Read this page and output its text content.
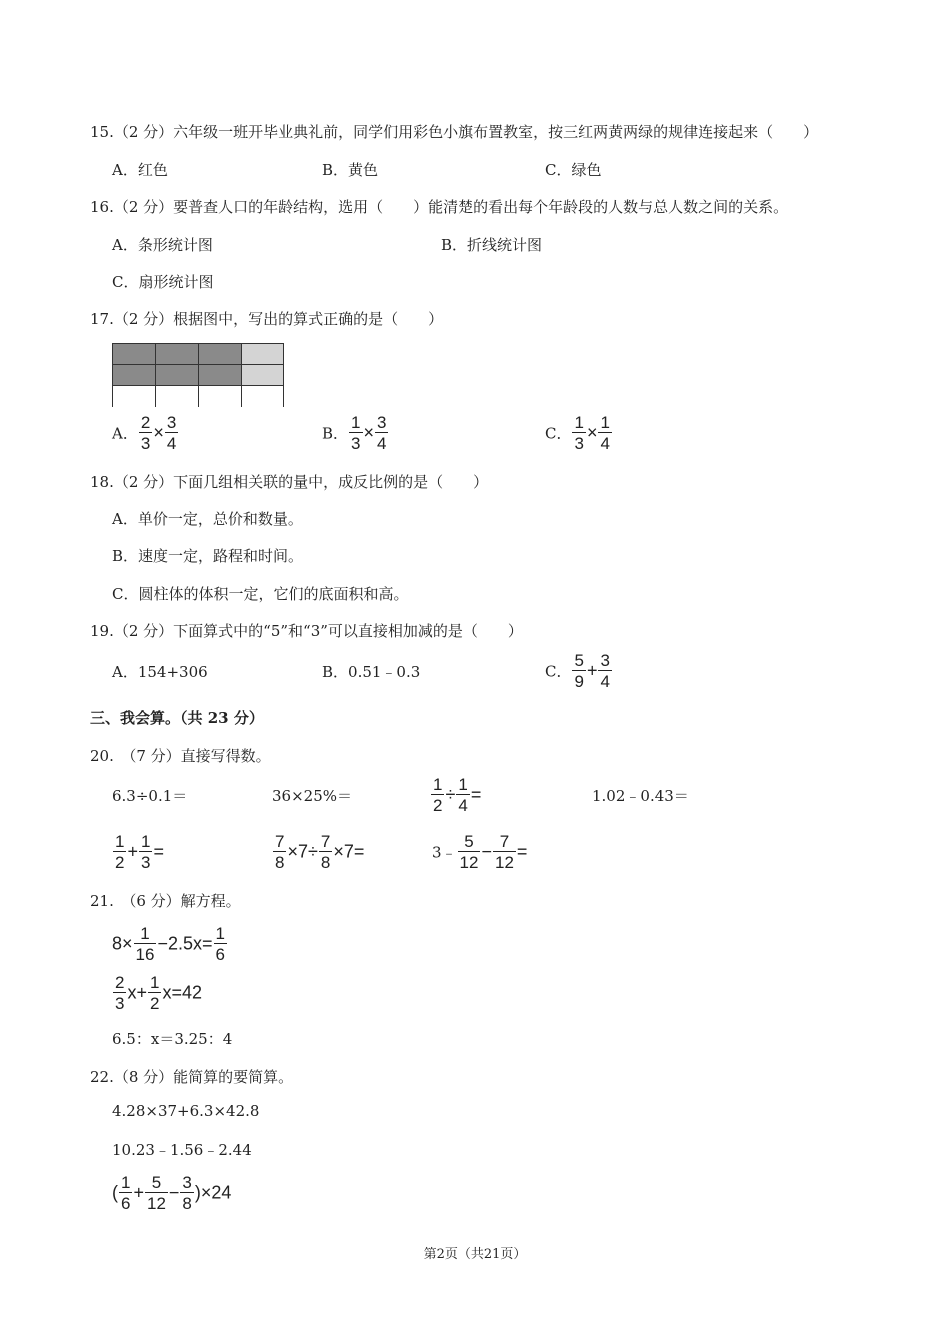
15.（2 分）六年级一班开毕业典礼前，同学们用彩色小旗布置教室，按三红两黄两绿的规律连接起来（　　）
A．红色	B．黄色	C．绿色
16.（2 分）要普查人口的年龄结构，选用（　　）能清楚的看出每个年龄段的人数与总人数之间的关系。
A．条形统计图	B．折线统计图
C．扇形统计图
17.（2 分）根据图中，写出的算式正确的是（　　）
A． $\frac{2}{3} \times \frac{3}{4}$	B． $\frac{1}{3} \times \frac{3}{4}$	C． $\frac{1}{3} \times \frac{1}{4}$
18.（2 分）下面几组相关联的量中，成反比例的是（　　）
A．单价一定，总价和数量。
B．速度一定，路程和时间。
C．圆柱体的体积一定，它们的底面积和高。
19.（2 分）下面算式中的“5”和“3”可以直接相加减的是（　　）
A．154+306	B．0.51﹣0.3	C． $\frac{5}{9} + \frac{3}{4}$
三、我会算。（共 23 分）
20.　（7 分）直接写得数。
6.3÷0.1＝	36×25%＝	$\frac{1}{2} \div \frac{1}{4}$ =	1.02﹣0.43＝
$\frac{1}{2} + \frac{1}{3}$ =	$\frac{7}{8} \times 7\div \frac{7}{8} \times 7=$	3﹣ $\frac{5}{12} - \frac{7}{12}$ =
21.　（6 分）解方程。
$8\times \frac{1}{16} -2.5x= \frac{1}{6}$
$\frac{2}{3} x+ \frac{1}{2} x=42$
6.5：x＝3.25：4
22.（8 分）能简算的要简算。
4.28×37+6.3×42.8
10.23﹣1.56﹣2.44
( $\frac{1}{6} + \frac{5}{12} - \frac{3}{8} )\times 24$
第2页（共21页）
